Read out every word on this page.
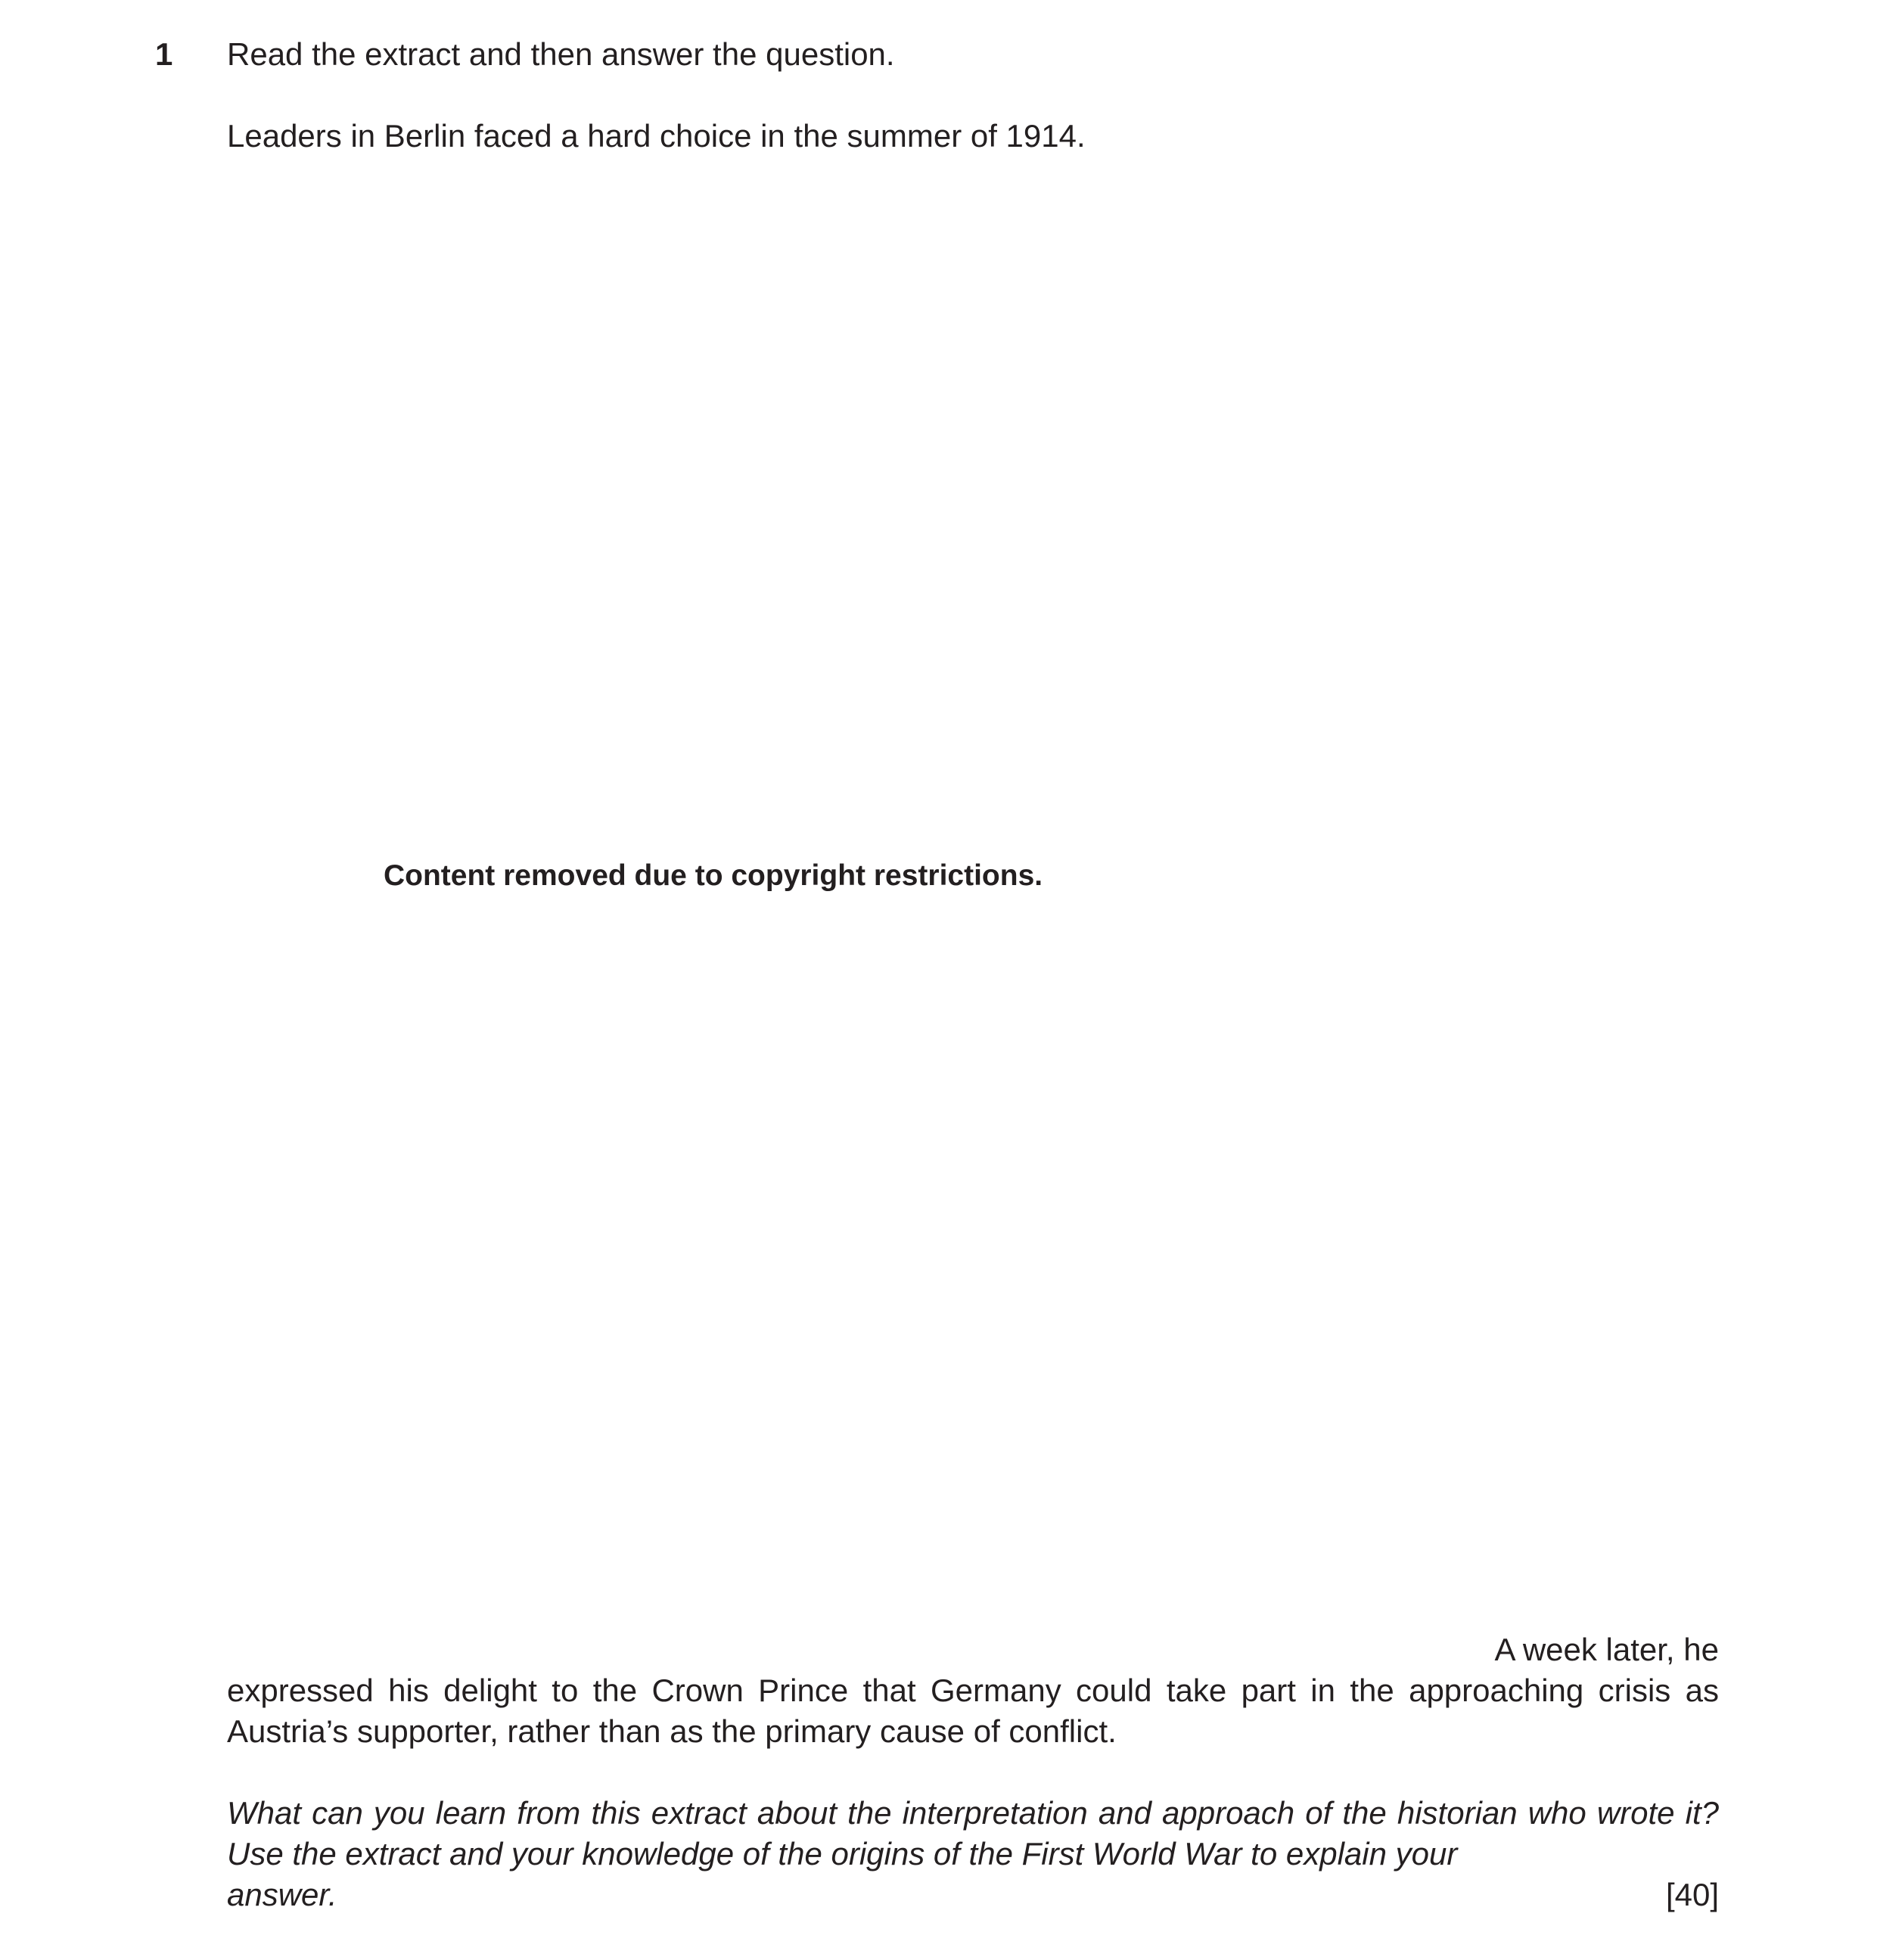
1 Read the extract and then answer the question.
Leaders in Berlin faced a hard choice in the summer of 1914.
Content removed due to copyright restrictions.
A week later, he
expressed his delight to the Crown Prince that Germany could take part in the approaching crisis as Austria’s supporter, rather than as the primary cause of conflict.
What can you learn from this extract about the interpretation and approach of the historian who wrote it? Use the extract and your knowledge of the origins of the First World War to explain your
answer.	[40]
